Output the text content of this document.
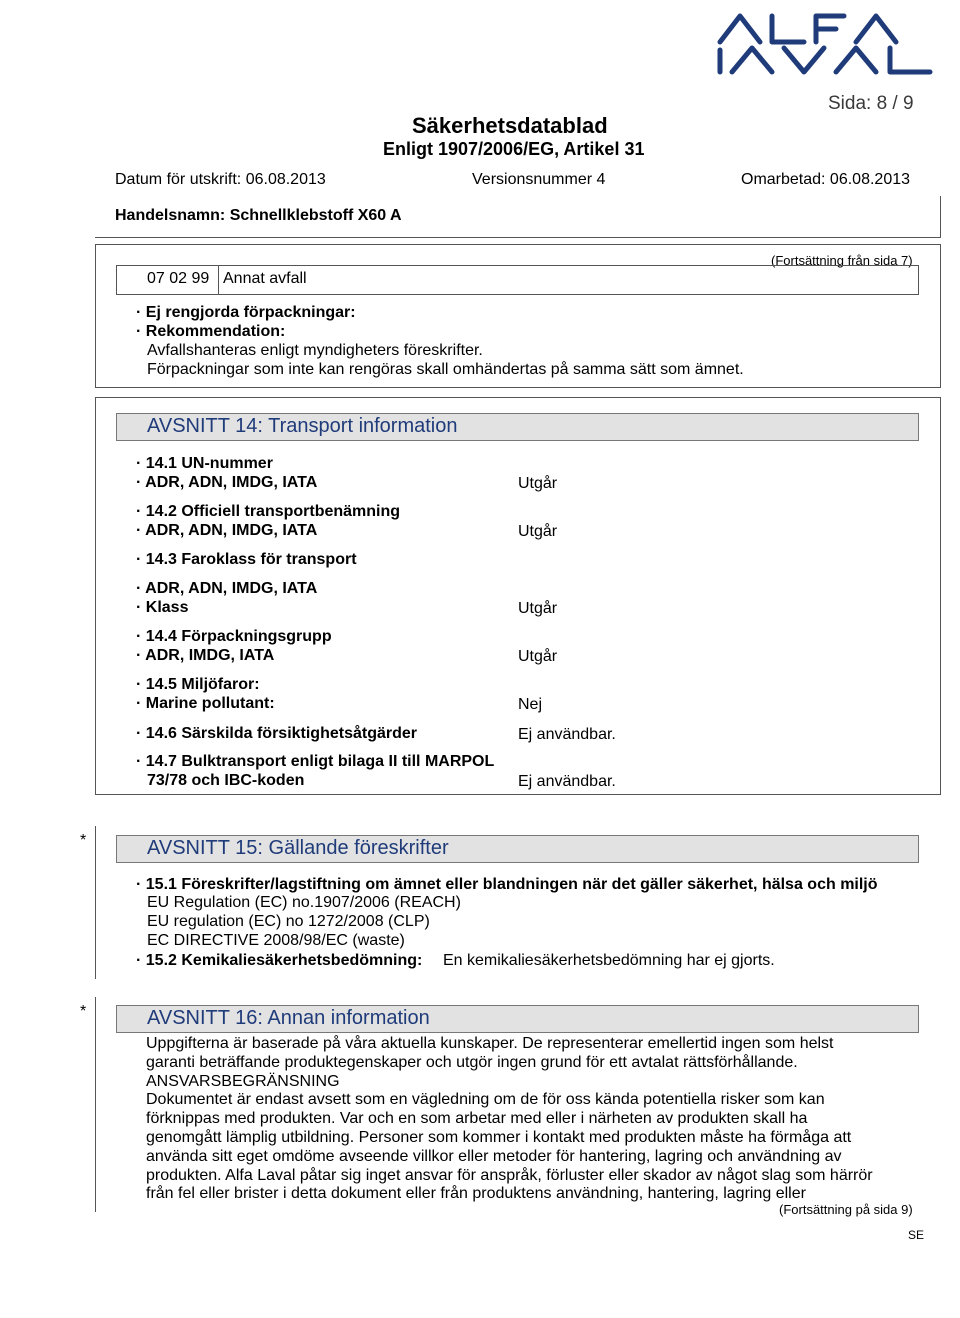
Sida: 8 / 9
Säkerhetsdatablad
Enligt 1907/2006/EG, Artikel 31
Datum för utskrift: 06.08.2013	Versionsnummer 4	Omarbetad: 06.08.2013
Handelsnamn: Schnellklebstoff X60 A
(Fortsättning från sida 7)
07 02 99 Annat avfall
· Ej rengjorda förpackningar:
· Rekommendation:
Avfallshanteras enligt myndigheters föreskrifter.
Förpackningar som inte kan rengöras skall omhändertas på samma sätt som ämnet.
AVSNITT 14: Transport information
· 14.1 UN-nummer
· ADR, ADN, IMDG, IATA	Utgår
· 14.2 Officiell transportbenämning
· ADR, ADN, IMDG, IATA	Utgår
· 14.3 Faroklass för transport
· ADR, ADN, IMDG, IATA
· Klass	Utgår
· 14.4 Förpackningsgrupp
· ADR, IMDG, IATA	Utgår
· 14.5 Miljöfaror:
· Marine pollutant:	Nej
· 14.6 Särskilda försiktighetsåtgärder	Ej användbar.
· 14.7 Bulktransport enligt bilaga II till MARPOL
73/78 och IBC-koden	Ej användbar.
*	AVSNITT 15: Gällande föreskrifter
· 15.1 Föreskrifter/lagstiftning om ämnet eller blandningen när det gäller säkerhet, hälsa och miljö
EU Regulation (EC) no.1907/2006 (REACH)
EU regulation (EC) no 1272/2008 (CLP)
EC DIRECTIVE 2008/98/EC (waste)
· 15.2 Kemikaliesäkerhetsbedömning: En kemikaliesäkerhetsbedömning har ej gjorts.
*	AVSNITT 16: Annan information
Uppgifterna är baserade på våra aktuella kunskaper. De representerar emellertid ingen som helst
garanti beträffande produktegenskaper och utgör ingen grund för ett avtalat rättsförhållande.
ANSVARSBEGRÄNSNING
Dokumentet är endast avsett som en vägledning om de för oss kända potentiella risker som kan
förknippas med produkten. Var och en som arbetar med eller i närheten av produkten skall ha
genomgått lämplig utbildning. Personer som kommer i kontakt med produkten måste ha förmåga att
använda sitt eget omdöme avseende villkor eller metoder för hantering, lagring och användning av
produkten. Alfa Laval påtar sig inget ansvar för anspråk, förluster eller skador av något slag som härrör
från fel eller brister i detta dokument eller från produktens användning, hantering, lagring eller
(Fortsättning på sida 9)
SE
